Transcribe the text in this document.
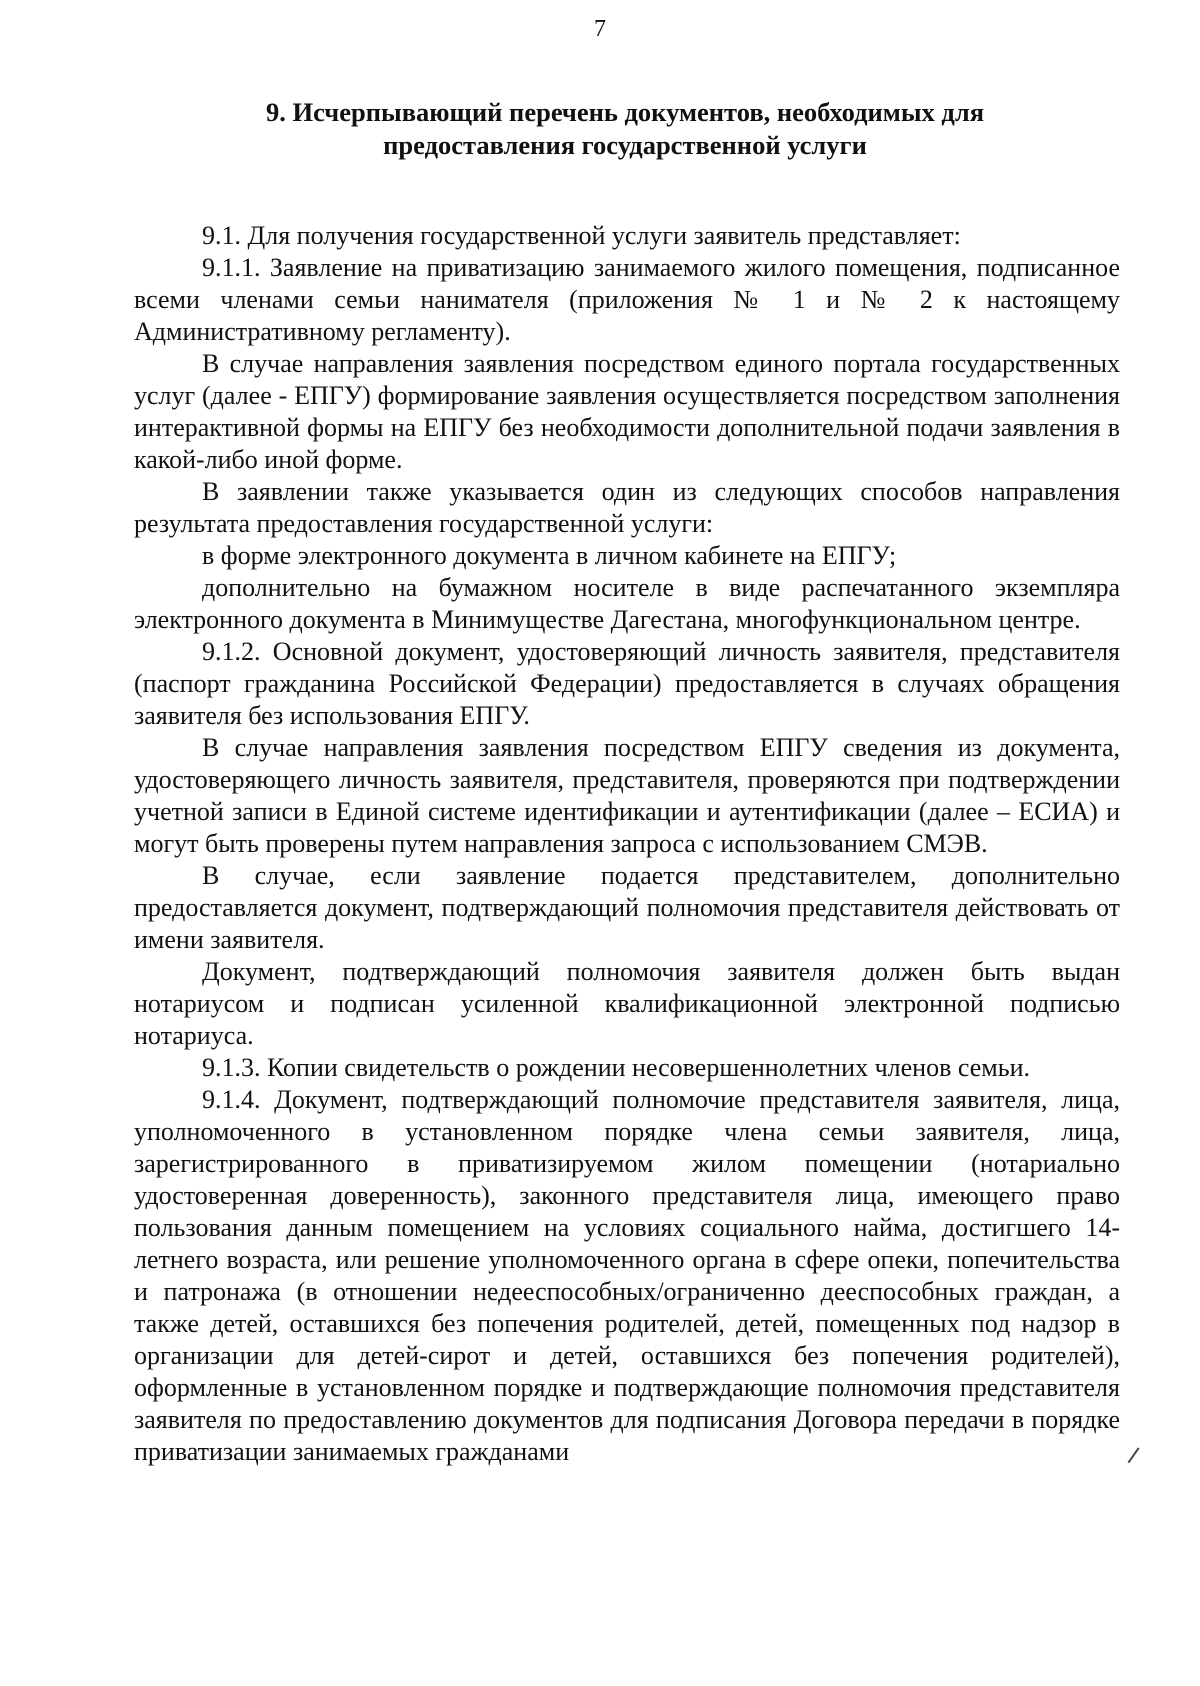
7
9. Исчерпывающий перечень документов, необходимых для
предоставления государственной услуги

9.1. Для получения государственной услуги заявитель представляет:

9.1.1. Заявление на приватизацию занимаемого жилого помещения, подписанное всеми членами семьи нанимателя (приложения № 1 и № 2 к настоящему Административному регламенту).

В случае направления заявления посредством единого портала государственных услуг (далее - ЕПГУ) формирование заявления осуществляется посредством заполнения интерактивной формы на ЕПГУ без необходимости дополнительной подачи заявления в какой-либо иной форме.

В заявлении также указывается один из следующих способов направления результата предоставления государственной услуги:

в форме электронного документа в личном кабинете на ЕПГУ;

дополнительно на бумажном носителе в виде распечатанного экземпляра электронного документа в Минимуществе Дагестана, многофункциональном центре.

9.1.2. Основной документ, удостоверяющий личность заявителя, представителя (паспорт гражданина Российской Федерации) предоставляется в случаях обращения заявителя без использования ЕПГУ.

В случае направления заявления посредством ЕПГУ сведения из документа, удостоверяющего личность заявителя, представителя, проверяются при подтверждении учетной записи в Единой системе идентификации и аутентификации (далее – ЕСИА) и могут быть проверены путем направления запроса с использованием СМЭВ.

В случае, если заявление подается представителем, дополнительно предоставляется документ, подтверждающий полномочия представителя действовать от имени заявителя.

Документ, подтверждающий полномочия заявителя должен быть выдан нотариусом и подписан усиленной квалификационной электронной подписью нотариуса.

9.1.3. Копии свидетельств о рождении несовершеннолетних членов семьи.

9.1.4. Документ, подтверждающий полномочие представителя заявителя, лица, уполномоченного в установленном порядке члена семьи заявителя, лица, зарегистрированного в приватизируемом жилом помещении (нотариально удостоверенная доверенность), законного представителя лица, имеющего право пользования данным помещением на условиях социального найма, достигшего 14-летнего возраста, или решение уполномоченного органа в сфере опеки, попечительства и патронажа (в отношении недееспособных/ограниченно дееспособных граждан, а также детей, оставшихся без попечения родителей, детей, помещенных под надзор в организации для детей-сирот и детей, оставшихся без попечения родителей), оформленные в установленном порядке и подтверждающие полномочия представителя заявителя по предоставлению документов для подписания Договора передачи в порядке приватизации занимаемых гражданами
